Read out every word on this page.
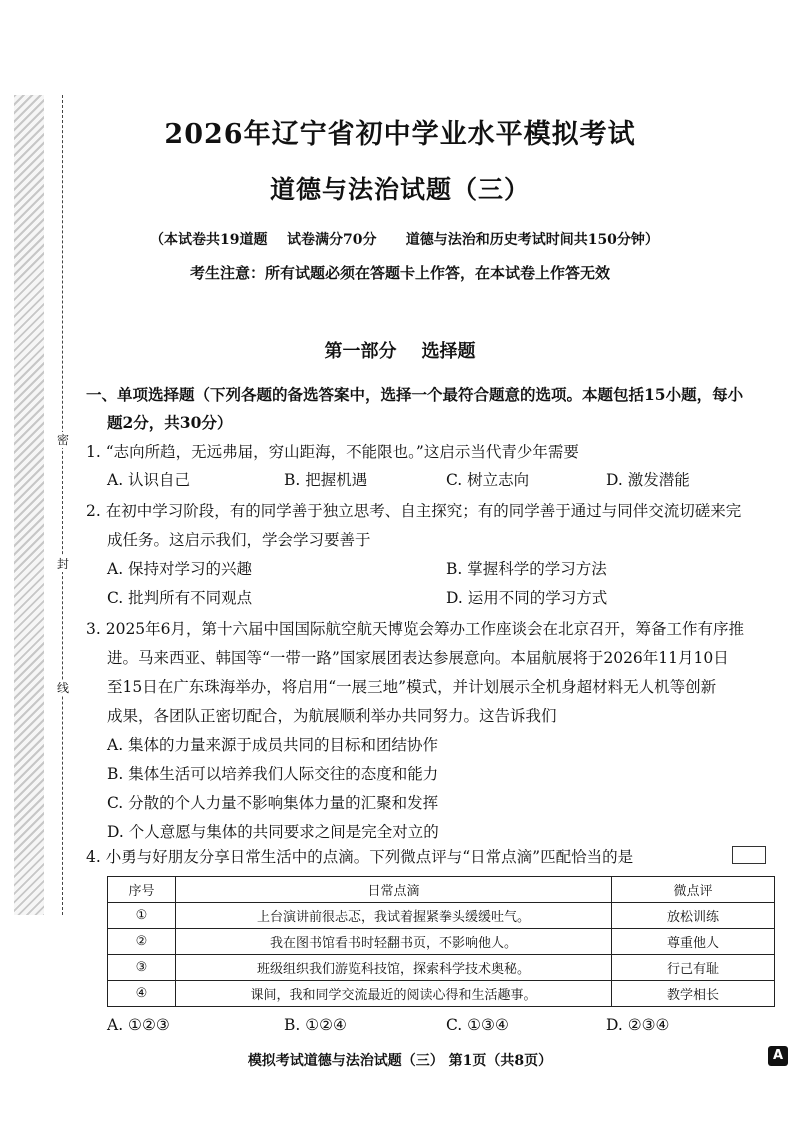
密
封
线
2026年辽宁省初中学业水平模拟考试
道德与法治试题（三）
（本试卷共19道题    试卷满分70分      道德与法治和历史考试时间共150分钟）
考生注意：所有试题必须在答题卡上作答，在本试卷上作答无效
第一部分    选择题
一、单项选择题（下列各题的备选答案中，选择一个最符合题意的选项。本题包括15小题，每小
题2分，共30分）
1. “志向所趋，无远弗届，穷山距海，不能限也。”这启示当代青少年需要
A. 认识自己	B. 把握机遇	C. 树立志向	D. 激发潜能
2. 在初中学习阶段，有的同学善于独立思考、自主探究；有的同学善于通过与同伴交流切磋来完
成任务。这启示我们，学会学习要善于
A. 保持对学习的兴趣	B. 掌握科学的学习方法
C. 批判所有不同观点	D. 运用不同的学习方式
3. 2025年6月，第十六届中国国际航空航天博览会筹办工作座谈会在北京召开，筹备工作有序推
进。马来西亚、韩国等“一带一路”国家展团表达参展意向。本届航展将于2026年11月10日
至15日在广东珠海举办，将启用“一展三地”模式，并计划展示全机身超材料无人机等创新
成果，各团队正密切配合，为航展顺利举办共同努力。这告诉我们
A. 集体的力量来源于成员共同的目标和团结协作
B. 集体生活可以培养我们人际交往的态度和能力
C. 分散的个人力量不影响集体力量的汇聚和发挥
D. 个人意愿与集体的共同要求之间是完全对立的
4. 小勇与好朋友分享日常生活中的点滴。下列微点评与“日常点滴”匹配恰当的是

序号	日常点滴	微点评
①	上台演讲前很忐忑，我试着握紧拳头缓缓吐气。	放松训练
②	我在图书馆看书时轻翻书页，不影响他人。	尊重他人
③	班级组织我们游览科技馆，探索科学技术奥秘。	行己有耻
④	课间，我和同学交流最近的阅读心得和生活趣事。	教学相长
A. ①②③	B. ①②④	C. ①③④	D. ②③④
模拟考试道德与法治试题（三） 第1页（共8页）	A
